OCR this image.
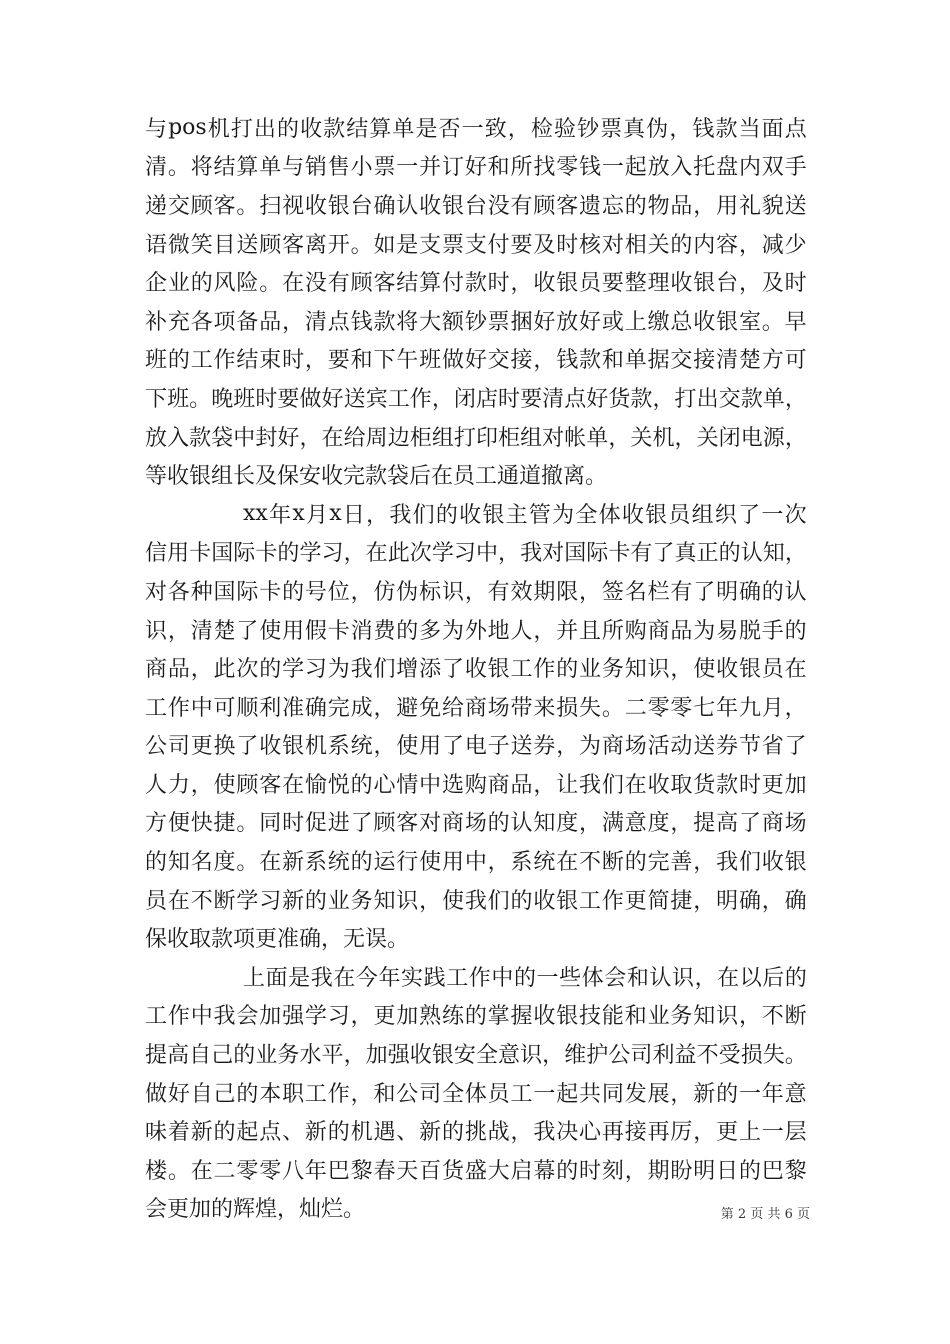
与 pos 机 打 出 的 收 款 结 算 单 是 否 一 致 ， 检 验 钞 票 真 伪 ， 钱 款 当 面 点
清 。 将 结 算 单 与 销 售 小 票 一 并 订 好 和 所 找 零 钱 一 起 放 入 托 盘 内 双 手
递 交 顾 客 。 扫 视 收 银 台 确 认 收 银 台 没 有 顾 客 遗 忘 的 物 品 ， 用 礼 貌 送
语 微 笑 目 送 顾 客 离 开 。 如 是 支 票 支 付 要 及 时 核 对 相 关 的 内 容 ， 减 少
企 业 的 风 险 。 在 没 有 顾 客 结 算 付 款 时 ， 收 银 员 要 整 理 收 银 台 ， 及 时
补 充 各 项 备 品 ， 清 点 钱 款 将 大 额 钞 票 捆 好 放 好 或 上 缴 总 收 银 室 。 早
班 的 工 作 结 束 时 ， 要 和 下 午 班 做 好 交 接 ， 钱 款 和 单 据 交 接 清 楚 方 可
下 班 。 晚 班 时 要 做 好 送 宾 工 作 ， 闭 店 时 要 清 点 好 货 款 ， 打 出 交 款 单 ，
放 入 款 袋 中 封 好 ， 在 给 周 边 柜 组 打 印 柜 组 对 帐 单 ， 关 机 ， 关 闭 电 源 ，
等收银组长及保安收完款袋后在员工通道撤离。
xx 年 x 月 x 日 ， 我 们 的 收 银 主 管 为 全 体 收 银 员 组 织 了 一 次
信 用 卡 国 际 卡 的 学 习 ， 在 此 次 学 习 中 ， 我 对 国 际 卡 有 了 真 正 的 认 知 ，
对 各 种 国 际 卡 的 号 位 ， 仿 伪 标 识 ， 有 效 期 限 ， 签 名 栏 有 了 明 确 的 认
识 ， 清 楚 了 使 用 假 卡 消 费 的 多 为 外 地 人 ， 并 且 所 购 商 品 为 易 脱 手 的
商 品 ， 此 次 的 学 习 为 我 们 增 添 了 收 银 工 作 的 业 务 知 识 ， 使 收 银 员 在
工 作 中 可 顺 利 准 确 完 成 ， 避 免 给 商 场 带 来 损 失 。 二 零 零 七 年 九 月 ，
公 司 更 换 了 收 银 机 系 统 ， 使 用 了 电 子 送 券 ， 为 商 场 活 动 送 券 节 省 了
人 力 ， 使 顾 客 在 愉 悦 的 心 情 中 选 购 商 品 ， 让 我 们 在 收 取 货 款 时 更 加
方 便 快 捷 。 同 时 促 进 了 顾 客 对 商 场 的 认 知 度 ， 满 意 度 ， 提 高 了 商 场
的 知 名 度 。 在 新 系 统 的 运 行 使 用 中 ， 系 统 在 不 断 的 完 善 ， 我 们 收 银
员 在 不 断 学 习 新 的 业 务 知 识 ， 使 我 们 的 收 银 工 作 更 简 捷 ， 明 确 ， 确
保收取款项更准确，无误。
上 面 是 我 在 今 年 实 践 工 作 中 的 一 些 体 会 和 认 识 ， 在 以 后 的
工 作 中 我 会 加 强 学 习 ， 更 加 熟 练 的 掌 握 收 银 技 能 和 业 务 知 识 ， 不 断
提 高 自 己 的 业 务 水 平 ， 加 强 收 银 安 全 意 识 ， 维 护 公 司 利 益 不 受 损 失 。
做 好 自 己 的 本 职 工 作 ， 和 公 司 全 体 员 工 一 起 共 同 发 展 ， 新 的 一 年 意
味 着 新 的 起 点 、 新 的 机 遇 、 新 的 挑 战 ， 我 决 心 再 接 再 厉 ， 更 上 一 层
楼 。 在 二 零 零 八 年 巴 黎 春 天 百 货 盛 大 启 幕 的 时 刻 ， 期 盼 明 日 的 巴 黎
会更加的辉煌，灿烂。	第 2 页 共 6 页
